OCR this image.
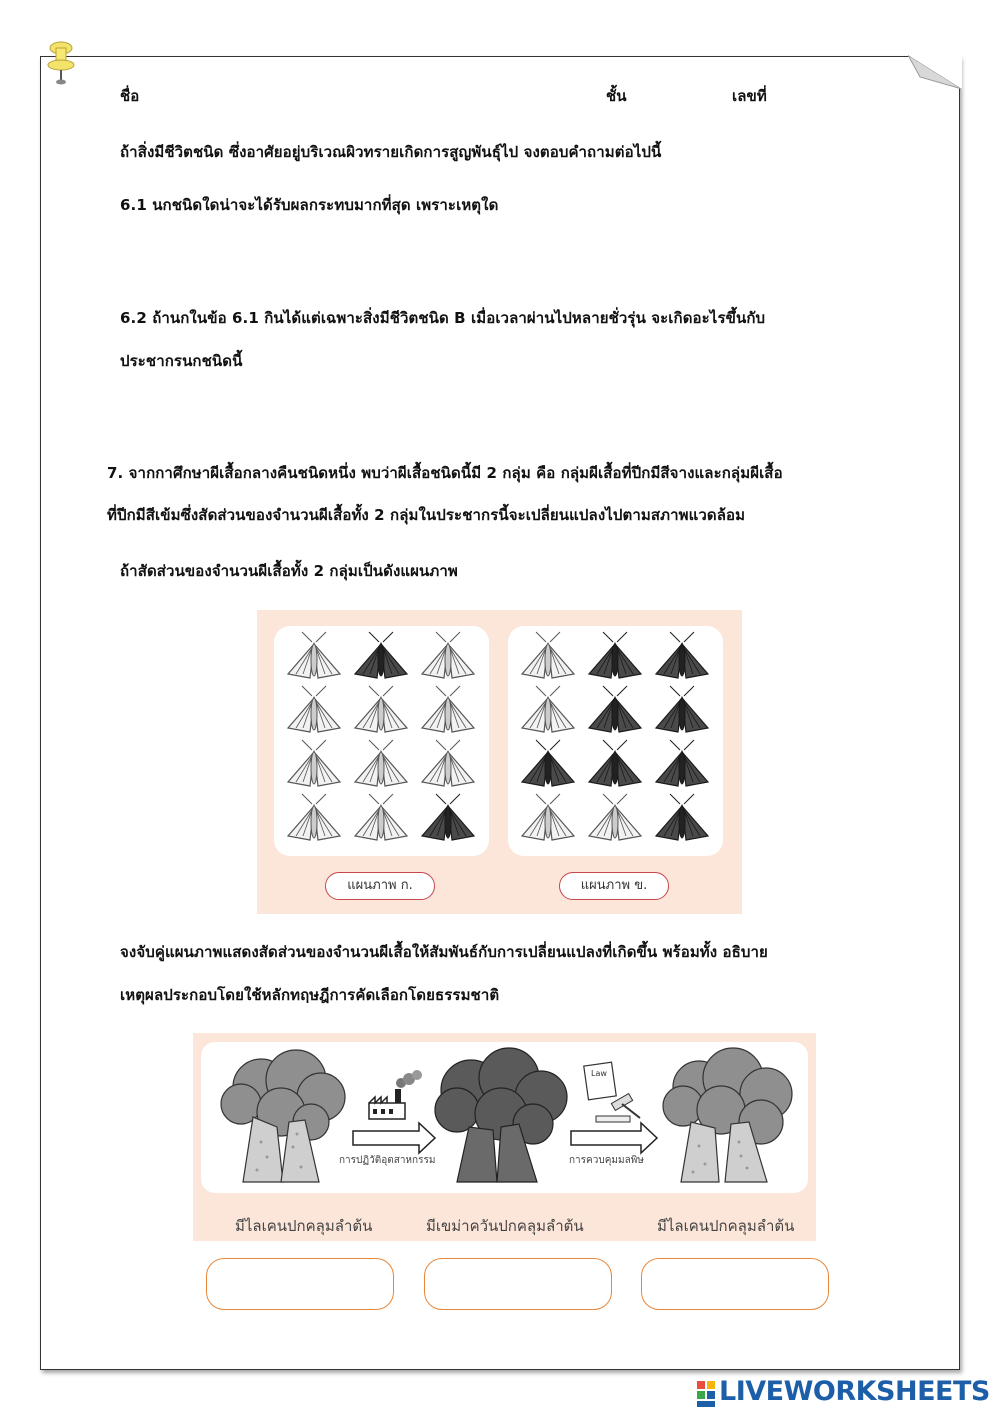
ชื่อ	ชั้น	เลขที่
ถ้าสิ่งมีชีวิตชนิด ซึ่งอาศัยอยู่บริเวณผิวทรายเกิดการสูญพันธุ์ไป จงตอบคำถามต่อไปนี้
6.1 นกชนิดใดน่าจะได้รับผลกระทบมากที่สุด เพราะเหตุใด
6.2 ถ้านกในข้อ 6.1 กินได้แต่เฉพาะสิ่งมีชีวิตชนิด B เมื่อเวลาผ่านไปหลายชั่วรุ่น จะเกิดอะไรขึ้นกับ
ประชากรนกชนิดนี้
7. จากกาศึกษาผีเสื้อกลางคืนชนิดหนึ่ง พบว่าผีเสื้อชนิดนี้มี 2 กลุ่ม คือ กลุ่มผีเสื้อที่ปีกมีสีจางและกลุ่มผีเสื้อ
ที่ปีกมีสีเข้มซึ่งสัดส่วนของจำนวนผีเสื้อทั้ง 2 กลุ่มในประชากรนี้จะเปลี่ยนแปลงไปตามสภาพแวดล้อม
ถ้าสัดส่วนของจำนวนผีเสื้อทั้ง 2 กลุ่มเป็นดังแผนภาพ
แผนภาพ ก.	แผนภาพ ข.
จงจับคู่แผนภาพแสดงสัดส่วนของจำนวนผีเสื้อให้สัมพันธ์กับการเปลี่ยนแปลงที่เกิดขึ้น พร้อมทั้ง อธิบาย
เหตุผลประกอบโดยใช้หลักทฤษฎีการคัดเลือกโดยธรรมชาติ
การปฏิวัติอุตสาหกรรม
Law
การควบคุมมลพิษ
มีไลเคนปกคลุมลำต้น	มีเขม่าควันปกคลุมลำต้น	มีไลเคนปกคลุมลำต้น
LIVEWORKSHEETS
